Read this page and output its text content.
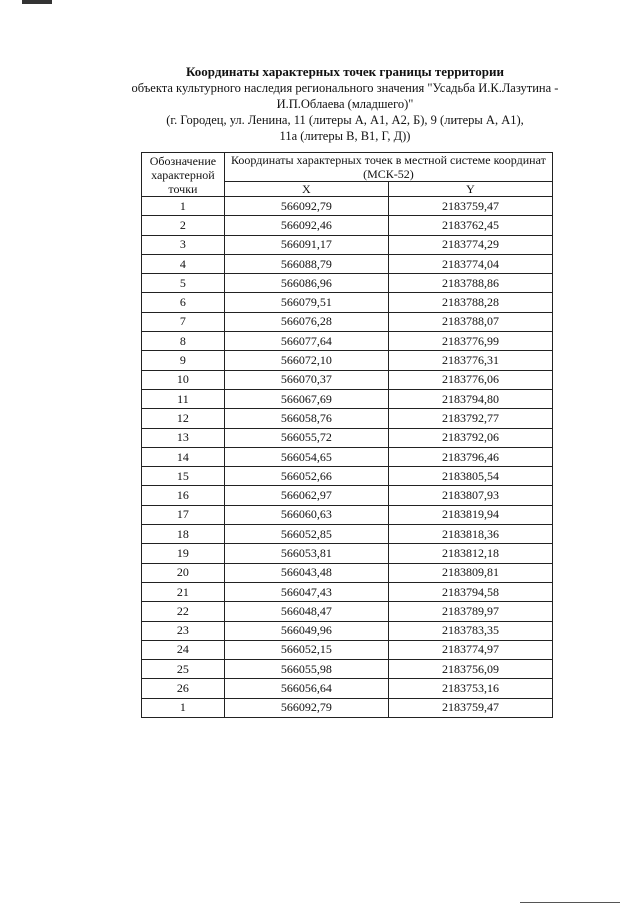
Координаты характерных точек границы территории

объекта культурного наследия регионального значения "Усадьба И.К.Лазутина -

И.П.Облаева (младшего)"

(г. Городец, ул. Ленина, 11 (литеры А, А1, А2, Б), 9 (литеры А, А1),

11а (литеры В, В1, Г, Д))

Обозначение характерной точки	Координаты характерных точек в местной системе координат (МСК-52)	
	X	Y
1	566092,79	2183759,47
2	566092,46	2183762,45
3	566091,17	2183774,29
4	566088,79	2183774,04
5	566086,96	2183788,86
6	566079,51	2183788,28
7	566076,28	2183788,07
8	566077,64	2183776,99
9	566072,10	2183776,31
10	566070,37	2183776,06
11	566067,69	2183794,80
12	566058,76	2183792,77
13	566055,72	2183792,06
14	566054,65	2183796,46
15	566052,66	2183805,54
16	566062,97	2183807,93
17	566060,63	2183819,94
18	566052,85	2183818,36
19	566053,81	2183812,18
20	566043,48	2183809,81
21	566047,43	2183794,58
22	566048,47	2183789,97
23	566049,96	2183783,35
24	566052,15	2183774,97
25	566055,98	2183756,09
26	566056,64	2183753,16
1	566092,79	2183759,47
